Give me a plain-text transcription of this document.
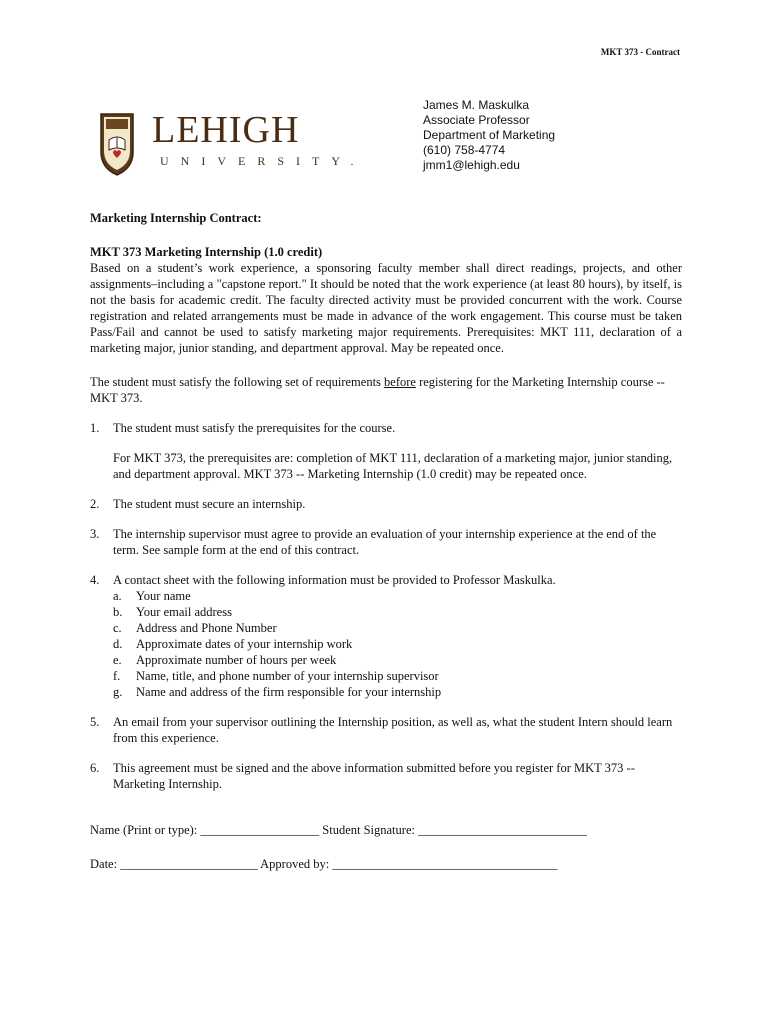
MKT 373 - Contract
LEHIGH
UNIVERSITY.
James M. Maskulka
Associate Professor
Department of Marketing
(610) 758-4774
jmm1@lehigh.edu

Marketing Internship Contract:

MKT 373 Marketing Internship (1.0 credit)

Based on a student’s work experience, a sponsoring faculty member shall direct readings, projects, and other assignments–including a "capstone report." It should be noted that the work experience (at least 80 hours), by itself, is not the basis for academic credit. The faculty directed activity must be provided concurrent with the work. Course registration and related arrangements must be made in advance of the work engagement. This course must be taken Pass/Fail and cannot be used to satisfy marketing major requirements. Prerequisites: MKT 111, declaration of a marketing major, junior standing, and department approval. May be repeated once.

The student must satisfy the following set of requirements before registering for the Marketing Internship course -- MKT 373.

1. The student must satisfy the prerequisites for the course.

For MKT 373, the prerequisites are: completion of MKT 111, declaration of a marketing major, junior standing, and department approval. MKT 373 -- Marketing Internship (1.0 credit) may be repeated once.

2. The student must secure an internship.

3. The internship supervisor must agree to provide an evaluation of your internship experience at the end of the term. See sample form at the end of this contract.

4. A contact sheet with the following information must be provided to Professor Maskulka.

a. Your name
b. Your email address
c. Address and Phone Number
d. Approximate dates of your internship work
e. Approximate number of hours per week
f. Name, title, and phone number of your internship supervisor
g. Name and address of the firm responsible for your internship
5. An email from your supervisor outlining the Internship position, as well as, what the student Intern should learn from this experience.

6. This agreement must be signed and the above information submitted before you register for MKT 373 -- Marketing Internship.

Name (Print or type): ___________________ Student Signature: ___________________________

Date: ______________________ Approved by: ____________________________________
